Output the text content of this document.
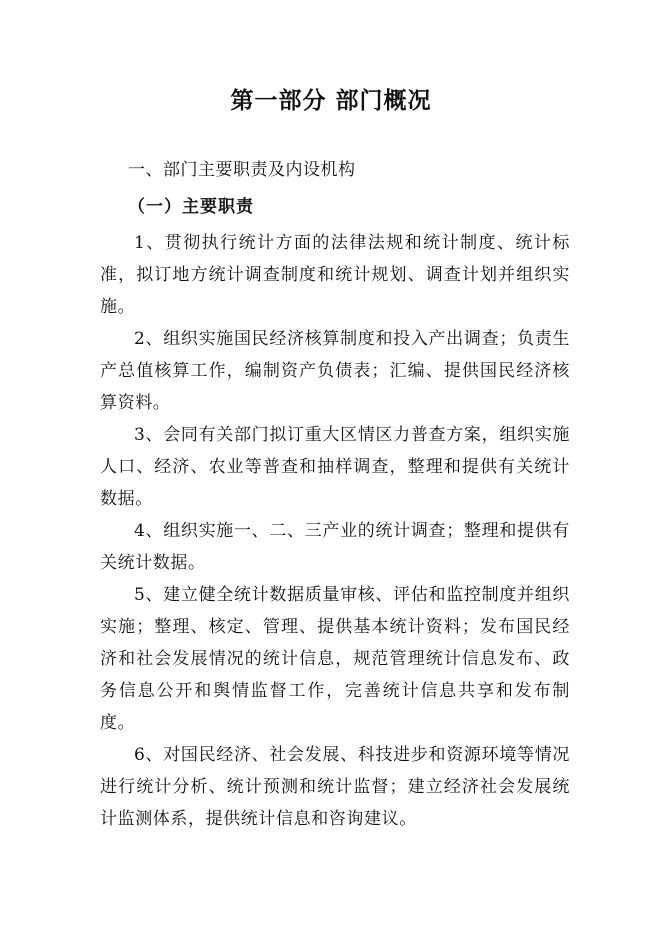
第一部分 部门概况
一、部门主要职责及内设机构
（一）主要职责

1、贯彻执行统计方面的法律法规和统计制度、统计标准，拟订地方统计调查制度和统计规划、调查计划并组织实施。

2、组织实施国民经济核算制度和投入产出调查；负责生产总值核算工作，编制资产负债表；汇编、提供国民经济核算资料。

3、会同有关部门拟订重大区情区力普查方案，组织实施人口、经济、农业等普查和抽样调查，整理和提供有关统计数据。

4、组织实施一、二、三产业的统计调查；整理和提供有关统计数据。

5、建立健全统计数据质量审核、评估和监控制度并组织实施；整理、核定、管理、提供基本统计资料；发布国民经济和社会发展情况的统计信息，规范管理统计信息发布、政务信息公开和舆情监督工作，完善统计信息共享和发布制度。

6、对国民经济、社会发展、科技进步和资源环境等情况进行统计分析、统计预测和统计监督；建立经济社会发展统计监测体系，提供统计信息和咨询建议。
